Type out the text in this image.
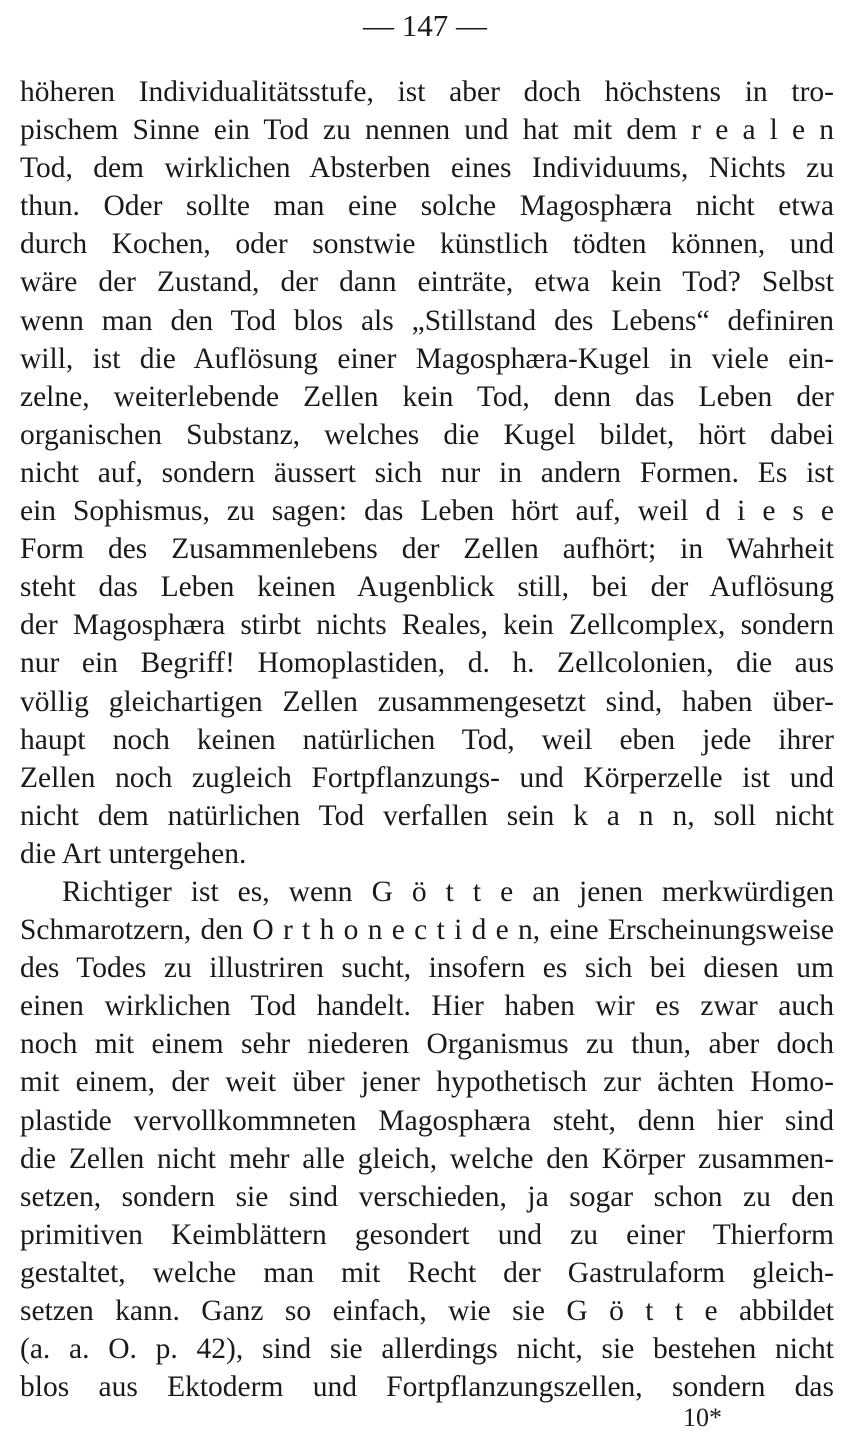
— 147 —
höheren Individualitätsstufe, ist aber doch höchstens in tro-
pischem Sinne ein Tod zu nennen und hat mit dem r e a l e n
Tod, dem wirklichen Absterben eines Individuums, Nichts zu
thun. Oder sollte man eine solche Magosphæra nicht etwa
durch Kochen, oder sonstwie künstlich tödten können, und
wäre der Zustand, der dann einträte, etwa kein Tod? Selbst
wenn man den Tod blos als „Stillstand des Lebens“ definiren
will, ist die Auflösung einer Magosphæra-Kugel in viele ein-
zelne, weiterlebende Zellen kein Tod, denn das Leben der
organischen Substanz, welches die Kugel bildet, hört dabei
nicht auf, sondern äussert sich nur in andern Formen. Es ist
ein Sophismus, zu sagen: das Leben hört auf, weil d i e s e
Form des Zusammenlebens der Zellen aufhört; in Wahrheit
steht das Leben keinen Augenblick still, bei der Auflösung
der Magosphæra stirbt nichts Reales, kein Zellcomplex, sondern
nur ein Begriff! Homoplastiden, d. h. Zellcolonien, die aus
völlig gleichartigen Zellen zusammengesetzt sind, haben über-
haupt noch keinen natürlichen Tod, weil eben jede ihrer
Zellen noch zugleich Fortpflanzungs- und Körperzelle ist und
nicht dem natürlichen Tod verfallen sein k a n n, soll nicht
die Art untergehen.
Richtiger ist es, wenn G ö t t e an jenen merkwürdigen
Schmarotzern, den O r t h o n e c t i d e n, eine Erscheinungsweise
des Todes zu illustriren sucht, insofern es sich bei diesen um
einen wirklichen Tod handelt. Hier haben wir es zwar auch
noch mit einem sehr niederen Organismus zu thun, aber doch
mit einem, der weit über jener hypothetisch zur ächten Homo-
plastide vervollkommneten Magosphæra steht, denn hier sind
die Zellen nicht mehr alle gleich, welche den Körper zusammen-
setzen, sondern sie sind verschieden, ja sogar schon zu den
primitiven Keimblättern gesondert und zu einer Thierform
gestaltet, welche man mit Recht der Gastrulaform gleich-
setzen kann. Ganz so einfach, wie sie G ö t t e abbildet
(a. a. O. p. 42), sind sie allerdings nicht, sie bestehen nicht
blos aus Ektoderm und Fortpflanzungszellen, sondern das
10*
